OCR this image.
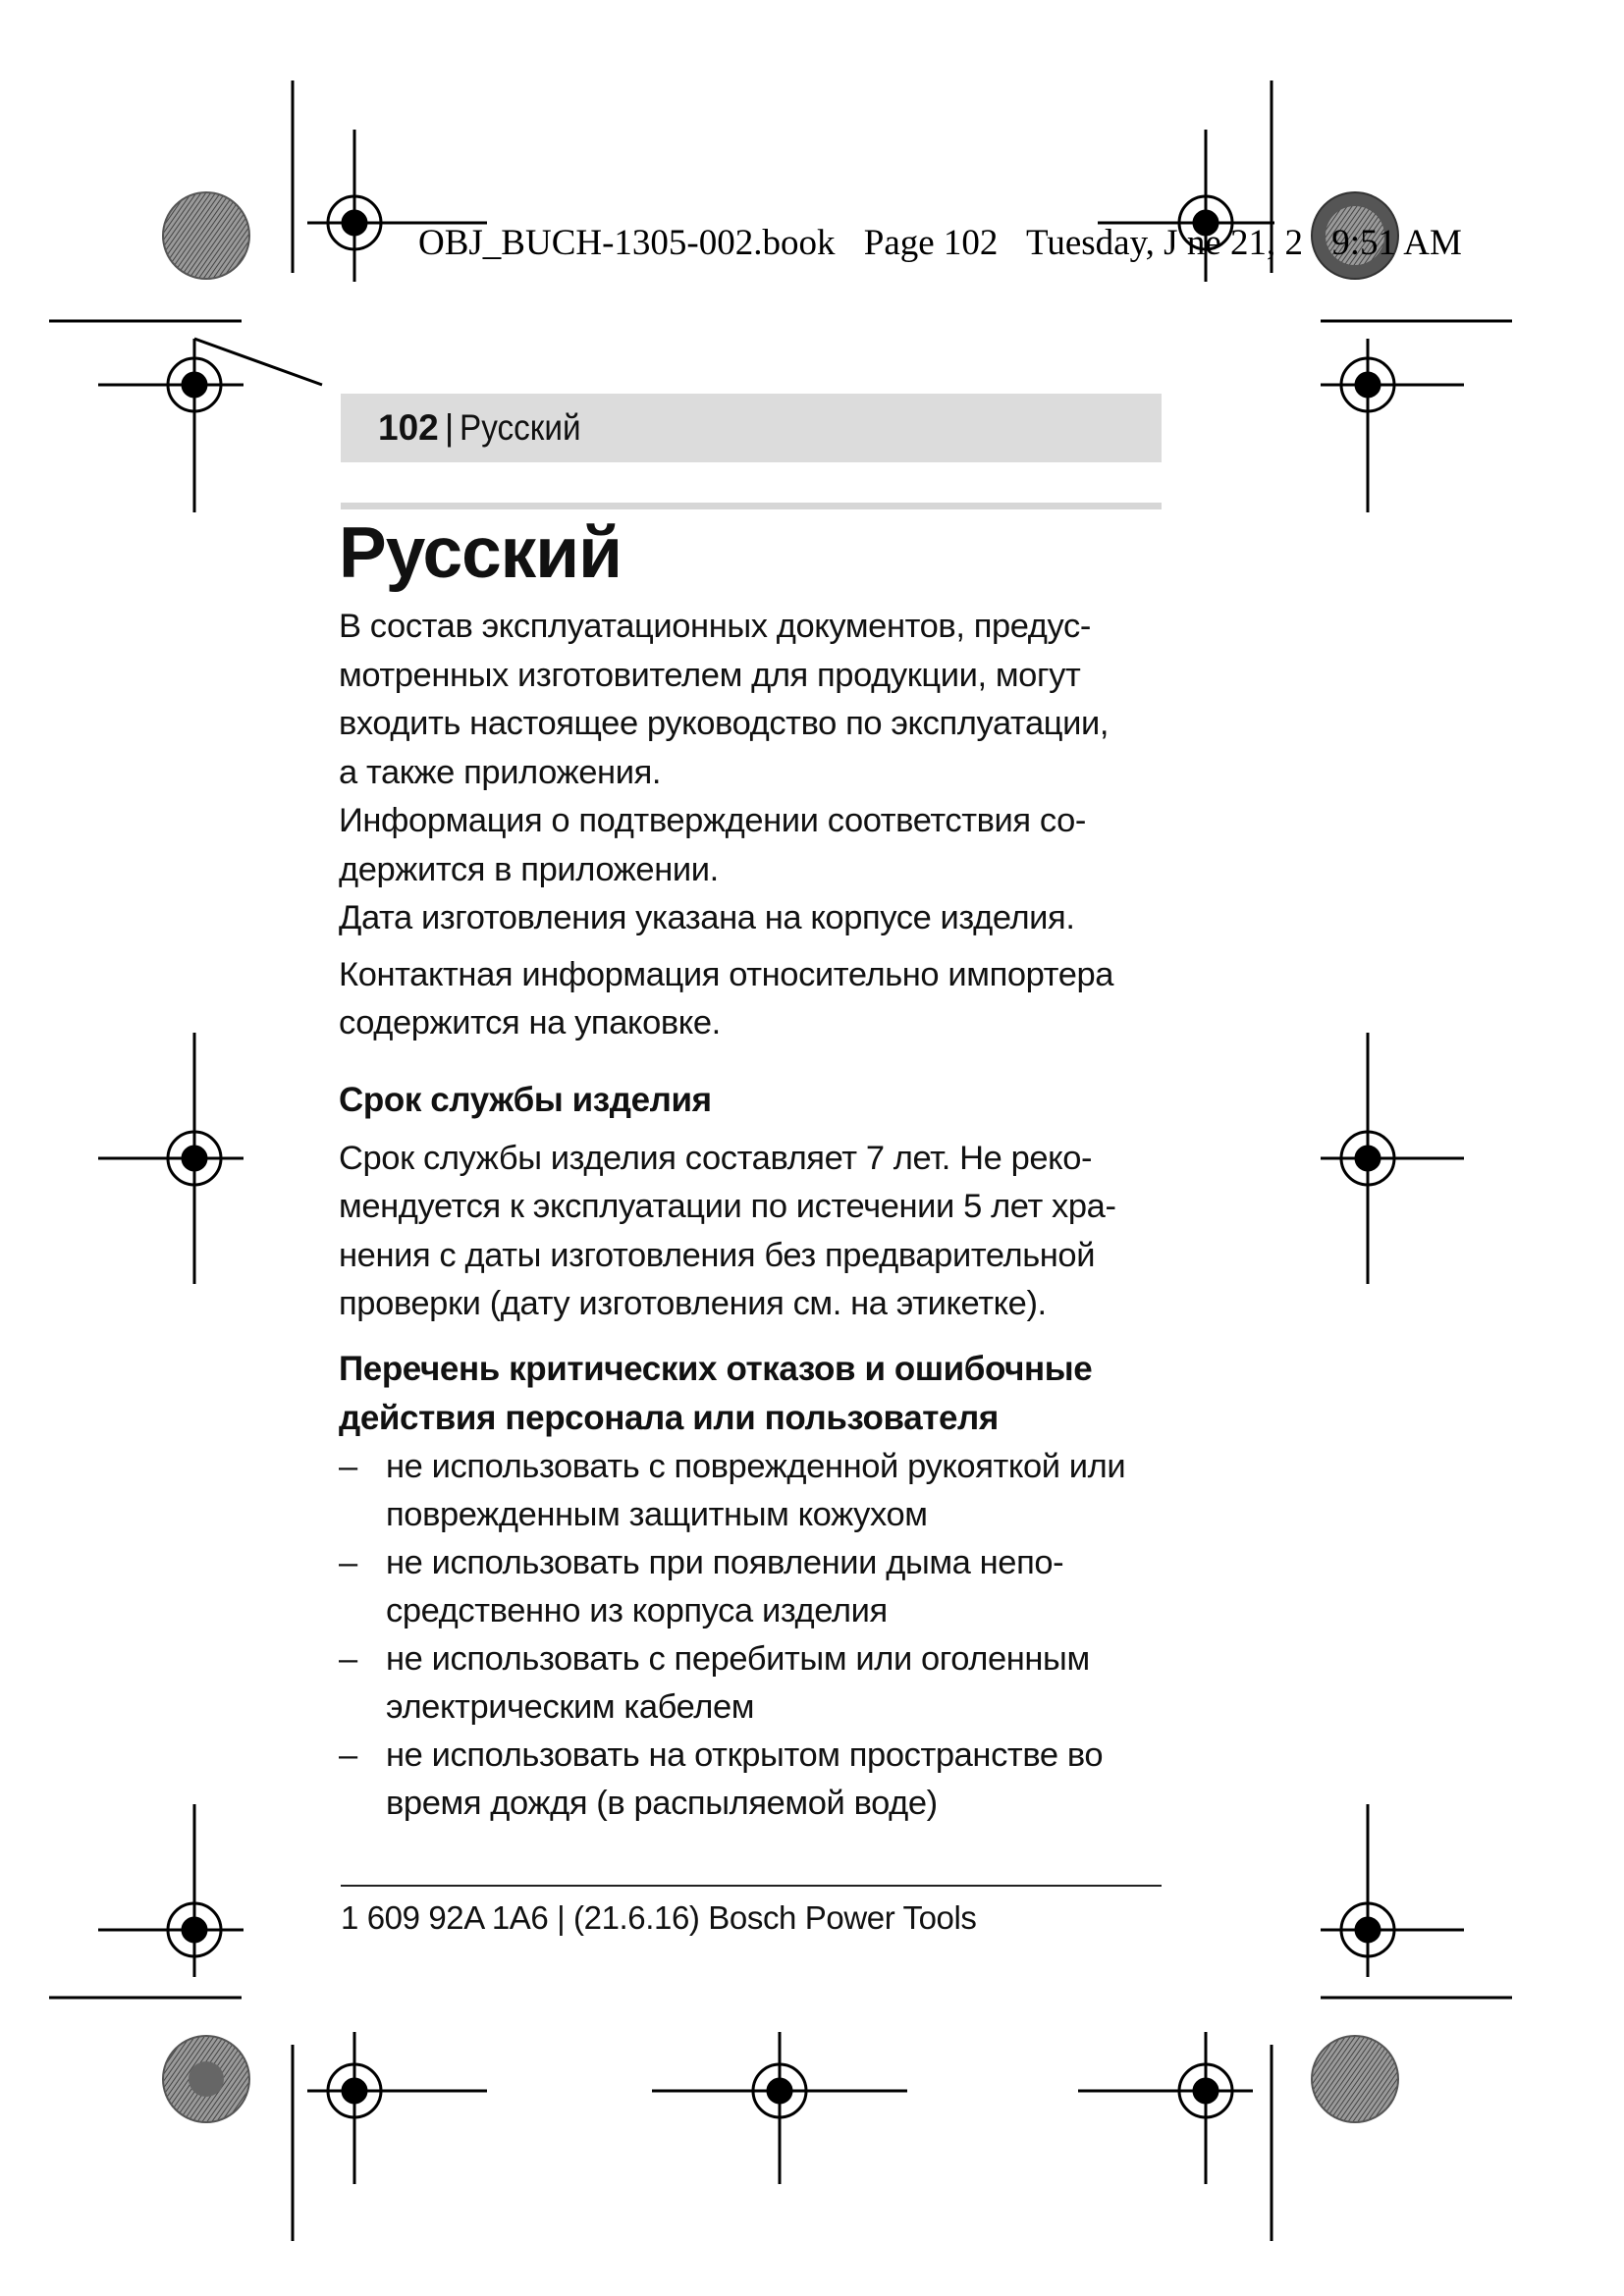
OBJ_BUCH-1305-002.book Page 102 Tuesday, J ne 21, 2 9:51 AM
102 | Русский
Русский

В состав эксплуатационных документов, предус-
мотренных изготовителем для продукции, могут
входить настоящее руководство по эксплуатации,
а также приложения.

Информация о подтверждении соответствия со-
держится в приложении.

Дата изготовления указана на корпусе изделия.

Контактная информация относительно импортера
содержится на упаковке.

Срок службы изделия

Срок службы изделия составляет 7 лет. Не реко-
мендуется к эксплуатации по истечении 5 лет хра-
нения с даты изготовления без предварительной
проверки (дату изготовления см. на этикетке).

Перечень критических отказов и ошибочные
действия персонала или пользователя
– не использовать с поврежденной рукояткой или
поврежденным защитным кожухом
– не использовать при появлении дыма непо-
средственно из корпуса изделия
– не использовать с перебитым или оголенным
электрическим кабелем
– не использовать на открытом пространстве во
время дождя (в распыляемой воде)
1 609 92A 1A6 | (21.6.16) Bosch Power Tools
